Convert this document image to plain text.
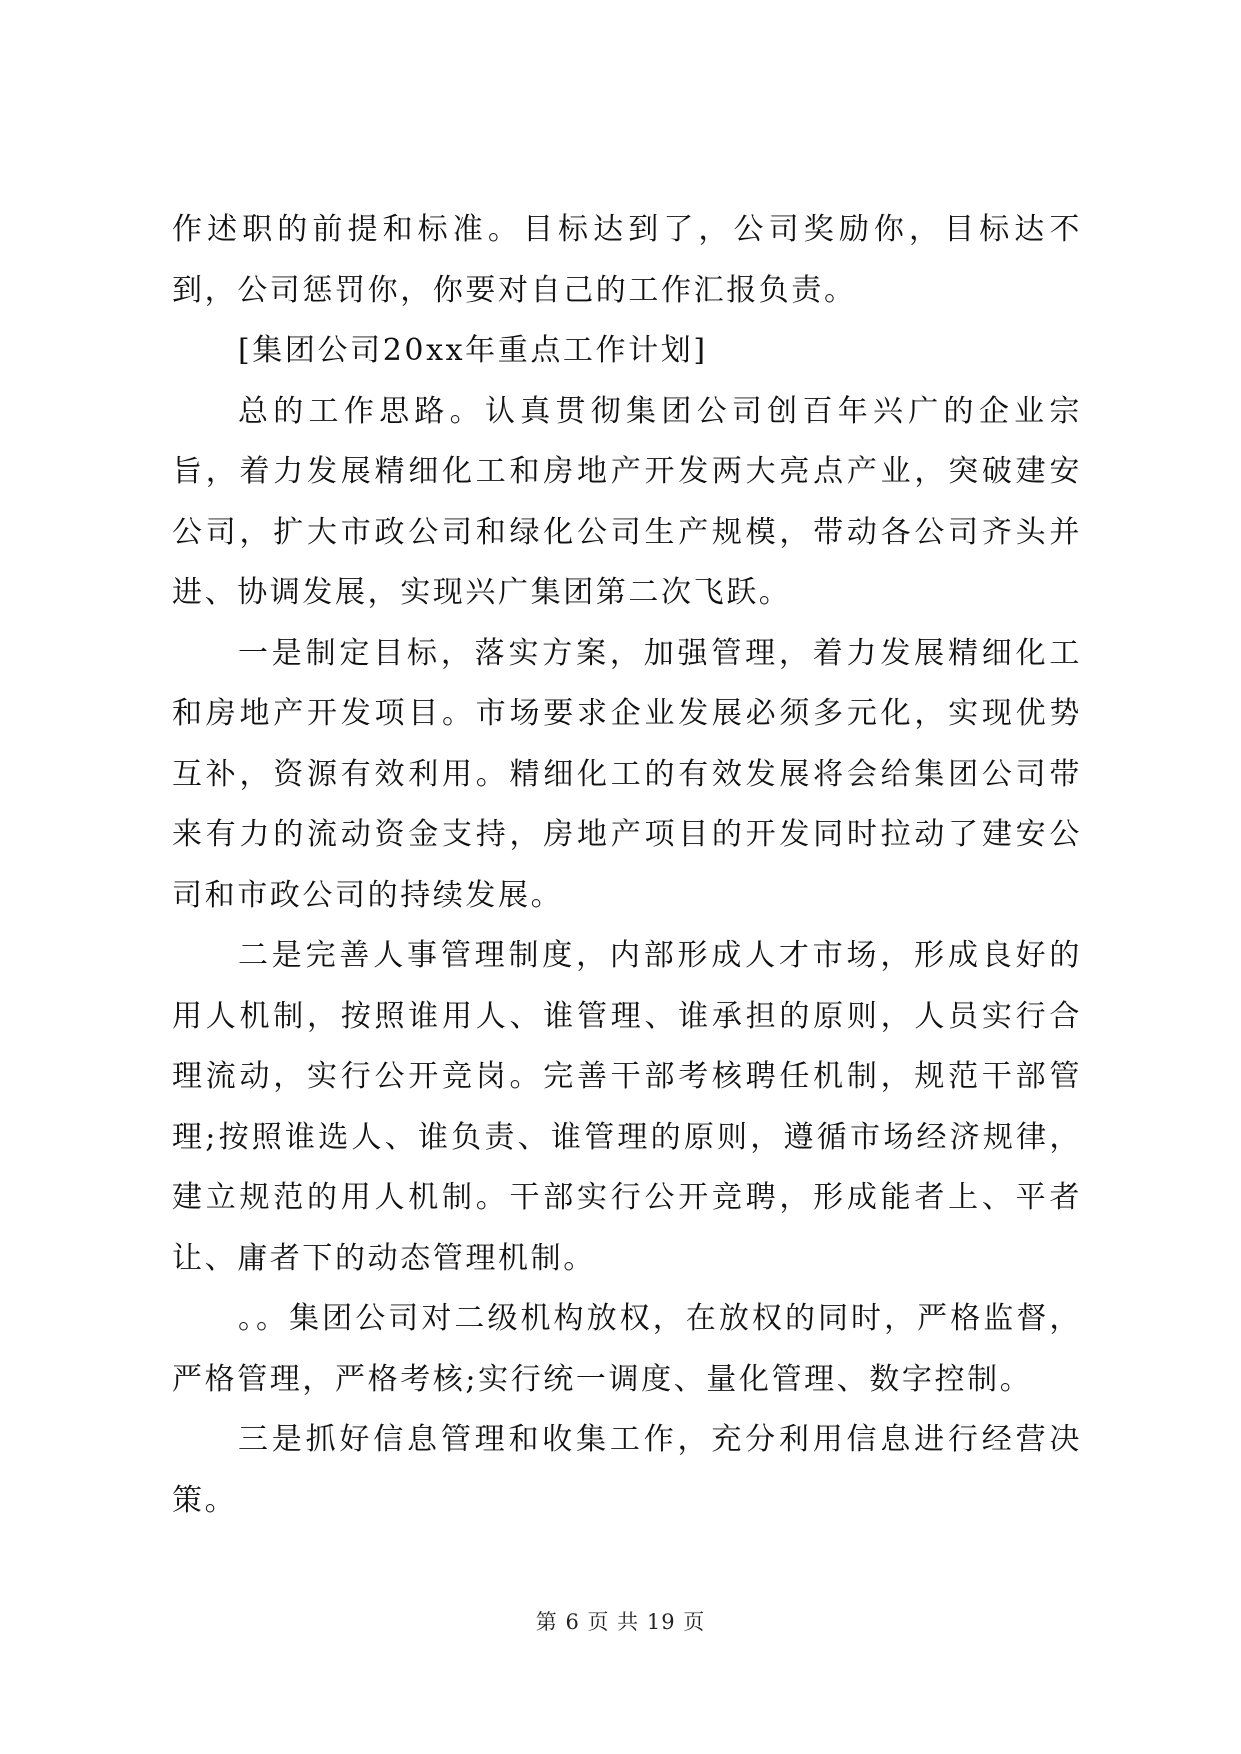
作述职的前提和标准。目标达到了，公司奖励你，目标达不到，公司惩罚你，你要对自己的工作汇报负责。

[集团公司20xx年重点工作计划]

总的工作思路。认真贯彻集团公司创百年兴广的企业宗旨，着力发展精细化工和房地产开发两大亮点产业，突破建安公司，扩大市政公司和绿化公司生产规模，带动各公司齐头并进、协调发展，实现兴广集团第二次飞跃。

一是制定目标，落实方案，加强管理，着力发展精细化工和房地产开发项目。市场要求企业发展必须多元化，实现优势互补，资源有效利用。精细化工的有效发展将会给集团公司带来有力的流动资金支持，房地产项目的开发同时拉动了建安公司和市政公司的持续发展。

二是完善人事管理制度，内部形成人才市场，形成良好的用人机制，按照谁用人、谁管理、谁承担的原则，人员实行合理流动，实行公开竞岗。完善干部考核聘任机制，规范干部管理;按照谁选人、谁负责、谁管理的原则，遵循市场经济规律，建立规范的用人机制。干部实行公开竞聘，形成能者上、平者让、庸者下的动态管理机制。

。。集团公司对二级机构放权，在放权的同时，严格监督，严格管理，严格考核;实行统一调度、量化管理、数字控制。

三是抓好信息管理和收集工作，充分利用信息进行经营决策。

第 6 页 共 19 页
